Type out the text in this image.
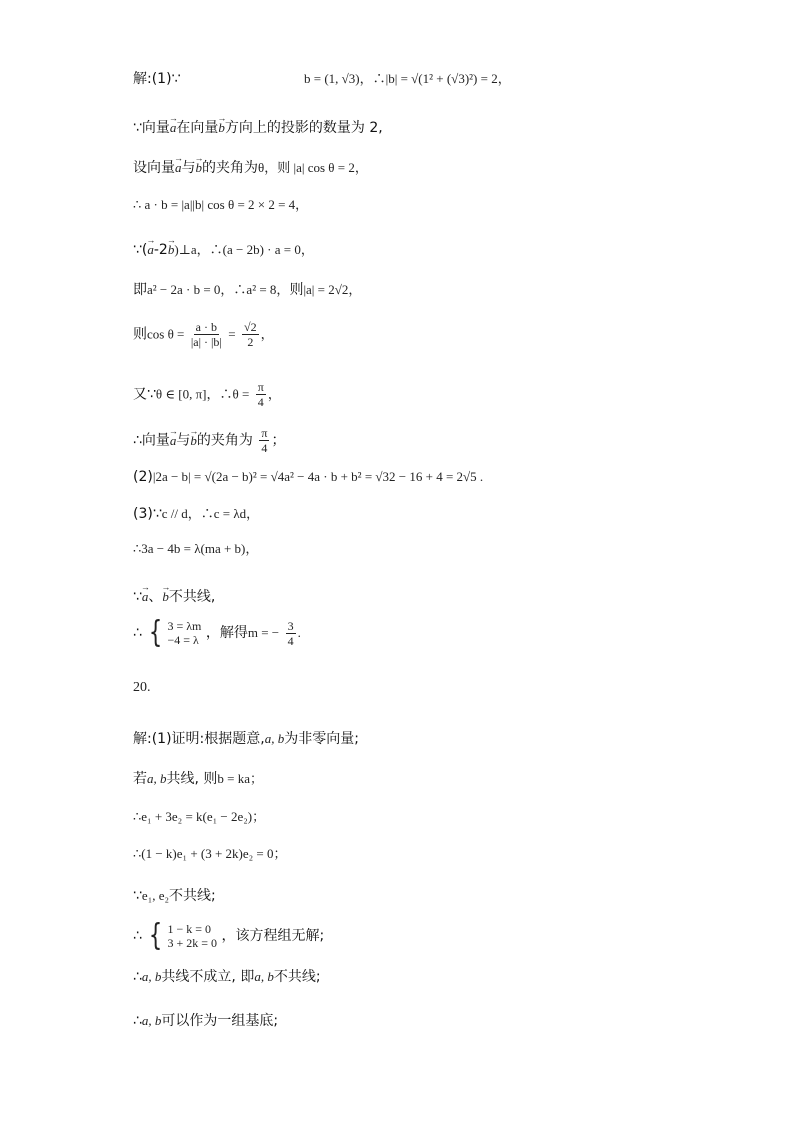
解:(1)∵	b = (1, √3)，∴|b| = √(1² + (√3)²) = 2，
∵向量→ a在向量→ b方向上的投影的数量为 2,
设向量→ a与→ b的夹角为θ，则 |a| cos θ = 2，
∴ a · b = |a||b| cos θ = 2 × 2 = 4，
∵(→ a-2→ b)⊥a，∴(a − 2b) · a = 0，
即a² − 2a · b = 0，∴a² = 8，则|a| = 2√2，
则$\cos \theta = \frac{a \cdot b}{|a| \cdot |b|} = \frac{√2}{2}$ ，
又∵θ ∈ [0, π]，∴θ = $\frac{\pi}{4}$ ，
∴向量→ a与→ b的夹角为 $\frac{\pi}{4}$ ；
(2)|2a − b| = √(2a − b)² = √4a² − 4a · b + b² = √32 − 16 + 4 = 2√5 .
(3)∵c // d，∴c = λd，
∴3a − 4b = λ(ma + b)，
∵→ a、→ b不共线,
∴ { 3 = λm
−4 = λ ，解得m = − $\frac{3}{4}$ .
20.
解:(1)证明:根据题意,a, b为非零向量;
若a, b共线, 则b = ka；
∴e₁ + 3e₂ = k(e₁ − 2e₂)；
∴(1 − k)e₁ + (3 + 2k)e₂ = 0；
∵e₁, e₂不共线;
∴ { 1 − k = 0
3 + 2k = 0 ，该方程组无解;
∴a, b共线不成立, 即a, b不共线;
∴a, b可以作为一组基底;
